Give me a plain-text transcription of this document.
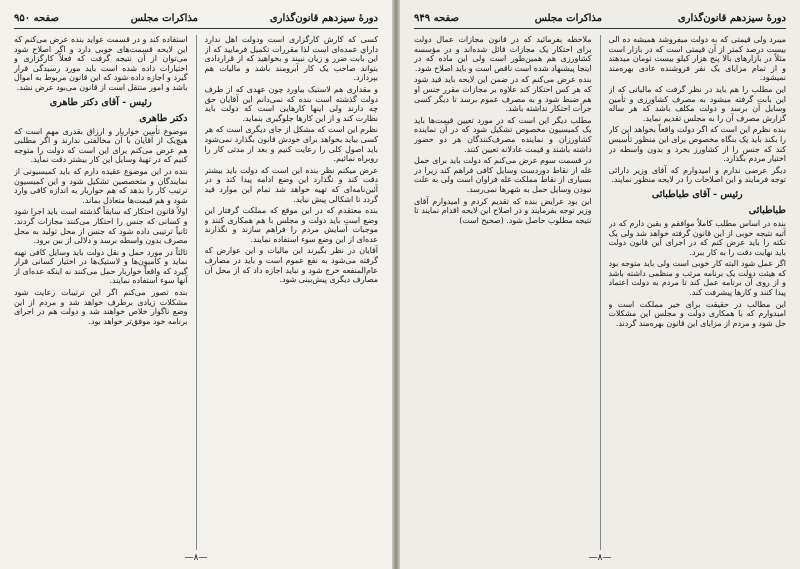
دورهٔ سیزدهم قانون‌گذاری
مذاکرات مجلس
صفحه ۹۵۰

کسی که کارش کارگزاری است ودولت اهل ندارد داراي عمده‌ای است لذا مقررات تکمیل فرمایید که از این بابت ضرر و زیان نبیند و بخواهید که از قراردادی بتواند صاحب یک کار آبرومند باشد و مالیات هم بپردازد.

و مقداری هم لاستیک بیاورد چون عهدی که از طرف دولت گذشته است بنده که نمی‌دانم این آقایان حق چه دارند ولی اینها کارهایی است که دولت باید نظارت کند و از این کارها جلوگیری بنماید.

نظرم این است که مشکل از جای دیگری است که هر کسی بیاید بخواهد برای خودش قانون بگذارد نمی‌شود باید اصول کلی را رعایت کنیم و بعد از مدتی کار را روبراه نمائیم.

عرض میکنم نظر بنده این است که دولت باید بیشتر دقت کند و نگذارد این وضع ادامه پیدا کند و در آئین‌نامه‌ای که تهیه خواهد شد تمام این موارد قید گردد تا اشکالی پیش نیاید.

بنده معتقدم که در این موقع که مملکت گرفتار این وضع است باید دولت و مجلس با هم همکاری کنند و موجبات آسایش مردم را فراهم سازند و نگذارند عده‌ای از این وضع سوء استفاده نمایند.

آقایان در نظر بگیرند این مالیات و این عوارض که گرفته می‌شود به نفع عموم است و باید در مصارف عام‌المنفعه خرج شود و نباید اجازه داد که از محل آن مصارف دیگری پیش‌بینی شود.

استفاده کند و در قسمت عواید بنده عرض می‌کنم که این لایحه قسمت‌های خوبی دارد و اگر اصلاح شود می‌توان از آن نتیجه گرفت که فعلاً کارگزاری و اختیارات داده شده است باید مورد رسیدگی قرار گیرد و اجازه داده شود که این قانون مربوط به اموال باشد و امور منتقل است از قانون می‌بود عرض نشد.

رئیس - آقای دکتر طاهری
دکتر طاهری

موضوع تأمین خواربار و ارزاق بقدری مهم است که هیچ‌یک از آقایان با آن مخالفتی ندارند و اگر مطلبی هم عرض می‌کنم برای این است که دولت را متوجه کنیم که در تهیهٔ وسایل این کار بیشتر دقت نماید.

بنده در این موضوع عقیده دارم که باید کمیسیونی از نمایندگان و متخصصین تشکیل شود و این کمیسیون ترتیب کار را بدهد که هم خواربار به اندازه کافی وارد شود و هم قیمت‌ها متعادل بماند.

اولاً قانون احتکار که سابقاً گذشته است باید اجرا شود و کسانی که جنس را احتکار می‌کنند مجازات گردند. ثانیاً ترتیبی داده شود که جنس از محل تولید به محل مصرف بدون واسطه برسد و دلالی از بین برود.

ثالثاً در مورد حمل و نقل دولت باید وسایل کافی تهیه نماید و کامیون‌ها و لاستیک‌ها در اختیار کسانی قرار گیرد که واقعاً خواربار حمل می‌کنند نه اینکه عده‌ای از آنها سوء استفاده نمایند.

بنده تصور می‌کنم اگر این ترتیبات رعایت شود مشکلات زیادی برطرف خواهد شد و مردم از این وضع ناگوار خلاص خواهند شد و دولت هم در اجرای برنامه خود موفق‌تر خواهد بود.

—۸—
دورهٔ سیزدهم قانون‌گذاری
مذاکرات مجلس
صفحه ۹۴۹

میبرد ولی قیمتی که به دولت میفروشد همیشه ده الی بیست درصد کمتر از آن قیمتی است که در بازار است مثلاً در بازارهای بالا پنج هزار کیلو بیست تومان میدهند و از تمام مزایای یک نفر فروشنده عادی بهره‌مند نمیشود.

این مطلب را هم باید در نظر گرفت که مالیاتی که از این بابت گرفته میشود به مصرف کشاورزی و تأمین وسایل آن برسد و دولت مکلف باشد که هر ساله گزارش مصرف آن را به مجلس تقدیم نماید.

بنده نظرم این است که اگر دولت واقعاً بخواهد این کار را بکند باید یک بنگاه مخصوص برای این منظور تأسیس کند که جنس را از کشاورز بخرد و بدون واسطه در اختیار مردم بگذارد.

دیگر عرضی ندارم و امیدوارم که آقای وزیر دارائی توجه فرمایند و این اصلاحات را در لایحه منظور نمایند.

رئیس - آقای طباطبائی
طباطبائی

بنده در اساس مطلب کاملاً موافقم و بقین دارم که در آتیه نتیجه خوبی از این قانون گرفته خواهد شد ولی یک نکته را باید عرض کنم که در اجرای این قانون دولت باید نهایت دقت را به کار ببرد.

اگر عمل شود البته کار خوبی است ولی باید متوجه بود که هیئت دولت یک برنامه مرتب و منظمی داشته باشد و از روی آن برنامه عمل کند تا مردم به دولت اعتماد پیدا کنند و کارها پیشرفت کند.

این مطالب در حقیقت برای خیر مملکت است و امیدوارم که با همکاری دولت و مجلس این مشکلات حل شود و مردم از مزایای این قانون بهره‌مند گردند.

ملاحظه بفرمائید که در قانون مجازات عمال دولت برای احتکار یک مجازات قائل شده‌اند و در مؤسسه کشاورزی هم همین‌طور است ولی این ماده که در اینجا پیشنهاد شده است ناقص است و باید اصلاح شود.

بنده عرض می‌کنم که در ضمن این لایحه باید قید شود که هر کس احتکار کند علاوه بر مجازات مقرر جنس او هم ضبط شود و به مصرف عموم برسد تا دیگر کسی جرأت احتکار نداشته باشد.

مطلب دیگر این است که در مورد تعیین قیمت‌ها باید یک کمیسیون مخصوص تشکیل شود که در آن نماینده کشاورزان و نماینده مصرف‌کنندگان هر دو حضور داشته باشند و قیمت عادلانه تعیین کنند.

در قسمت سوم عرض می‌کنم که دولت باید برای حمل غله از نقاط دوردست وسایل کافی فراهم کند زیرا در بسیاری از نقاط مملکت غله فراوان است ولی به علت نبودن وسایل حمل به شهرها نمی‌رسد.

این بود عرایض بنده که تقدیم کردم و امیدوارم آقای وزیر توجه بفرمایند و در اصلاح این لایحه اقدام نمایند تا نتیجه مطلوب حاصل شود. (صحیح است)

—۸—
